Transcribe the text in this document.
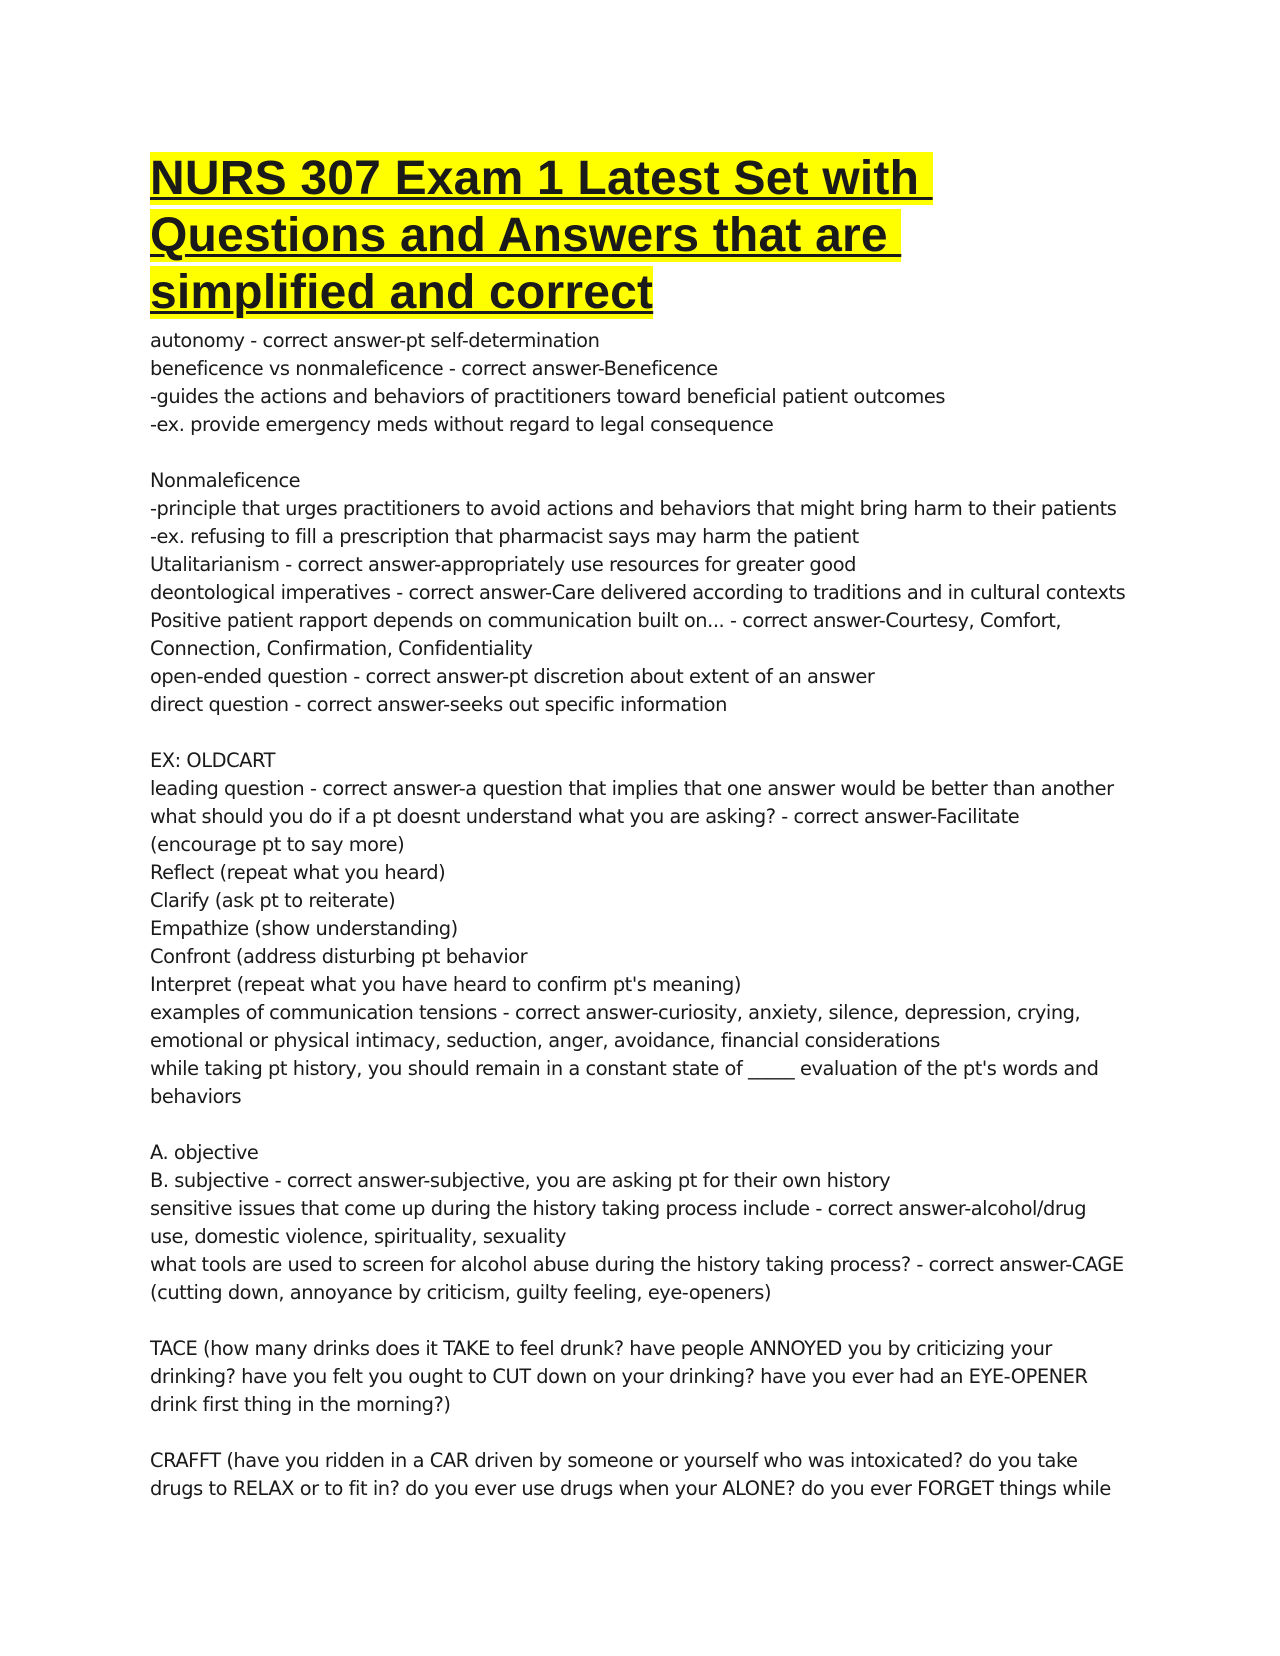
NURS 307 Exam 1 Latest Set with
Questions and Answers that are
simplified and correct
autonomy - correct answer-pt self-determination
beneficence vs nonmaleficence - correct answer-Beneficence
-guides the actions and behaviors of practitioners toward beneficial patient outcomes
-ex. provide emergency meds without regard to legal consequence
Nonmaleficence
-principle that urges practitioners to avoid actions and behaviors that might bring harm to their patients
-ex. refusing to fill a prescription that pharmacist says may harm the patient
Utalitarianism - correct answer-appropriately use resources for greater good
deontological imperatives - correct answer-Care delivered according to traditions and in cultural contexts
Positive patient rapport depends on communication built on... - correct answer-Courtesy, Comfort,
Connection, Confirmation, Confidentiality
open-ended question - correct answer-pt discretion about extent of an answer
direct question - correct answer-seeks out specific information
EX: OLDCART
leading question - correct answer-a question that implies that one answer would be better than another
what should you do if a pt doesnt understand what you are asking? - correct answer-Facilitate
(encourage pt to say more)
Reflect (repeat what you heard)
Clarify (ask pt to reiterate)
Empathize (show understanding)
Confront (address disturbing pt behavior
Interpret (repeat what you have heard to confirm pt's meaning)
examples of communication tensions - correct answer-curiosity, anxiety, silence, depression, crying,
emotional or physical intimacy, seduction, anger, avoidance, financial considerations
while taking pt history, you should remain in a constant state of _____ evaluation of the pt's words and
behaviors
A. objective
B. subjective - correct answer-subjective, you are asking pt for their own history
sensitive issues that come up during the history taking process include - correct answer-alcohol/drug
use, domestic violence, spirituality, sexuality
what tools are used to screen for alcohol abuse during the history taking process? - correct answer-CAGE
(cutting down, annoyance by criticism, guilty feeling, eye-openers)
TACE (how many drinks does it TAKE to feel drunk? have people ANNOYED you by criticizing your
drinking? have you felt you ought to CUT down on your drinking? have you ever had an EYE-OPENER
drink first thing in the morning?)
CRAFFT (have you ridden in a CAR driven by someone or yourself who was intoxicated? do you take
drugs to RELAX or to fit in? do you ever use drugs when your ALONE? do you ever FORGET things while
